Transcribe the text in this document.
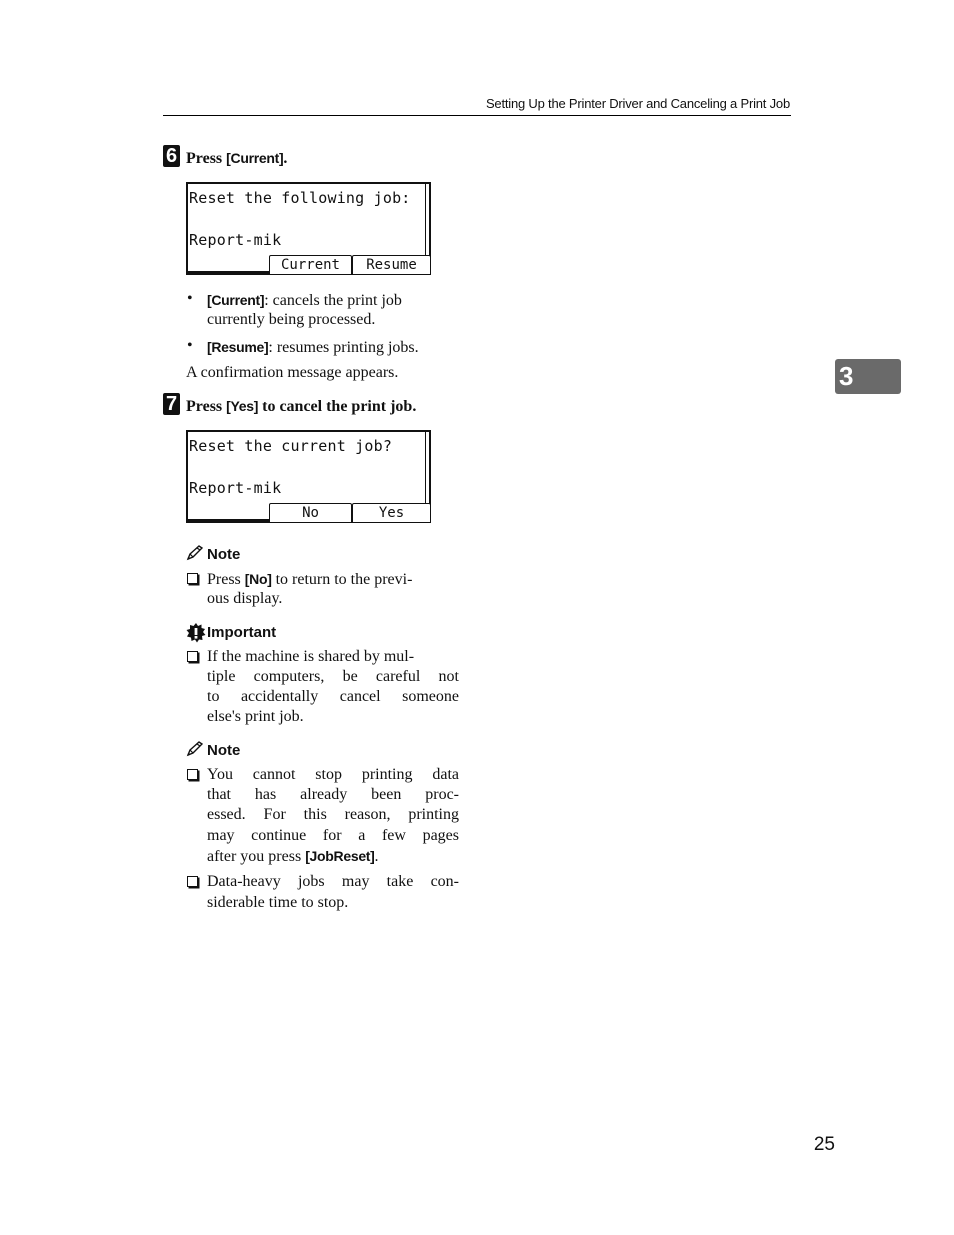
Setting Up the Printer Driver and Canceling a Print Job
6 Press [Current].
Reset the following job:
Report-mik
Current	Resume
• [Current]: cancels the print job
currently being processed.
• [Resume]: resumes printing jobs.
A confirmation message appears.
7 Press [Yes] to cancel the print job.
Reset the current job?
Report-mik
No	Yes
Note
Press [No] to return to the previ-
ous display.
Important
If the machine is shared by mul-
tiple computers, be careful not
to accidentally cancel someone
else's print job.
Note
You cannot stop printing data
that has already been proc-
essed. For this reason, printing
may continue for a few pages
after you press [JobReset].
Data-heavy jobs may take con-
siderable time to stop.
3
25
